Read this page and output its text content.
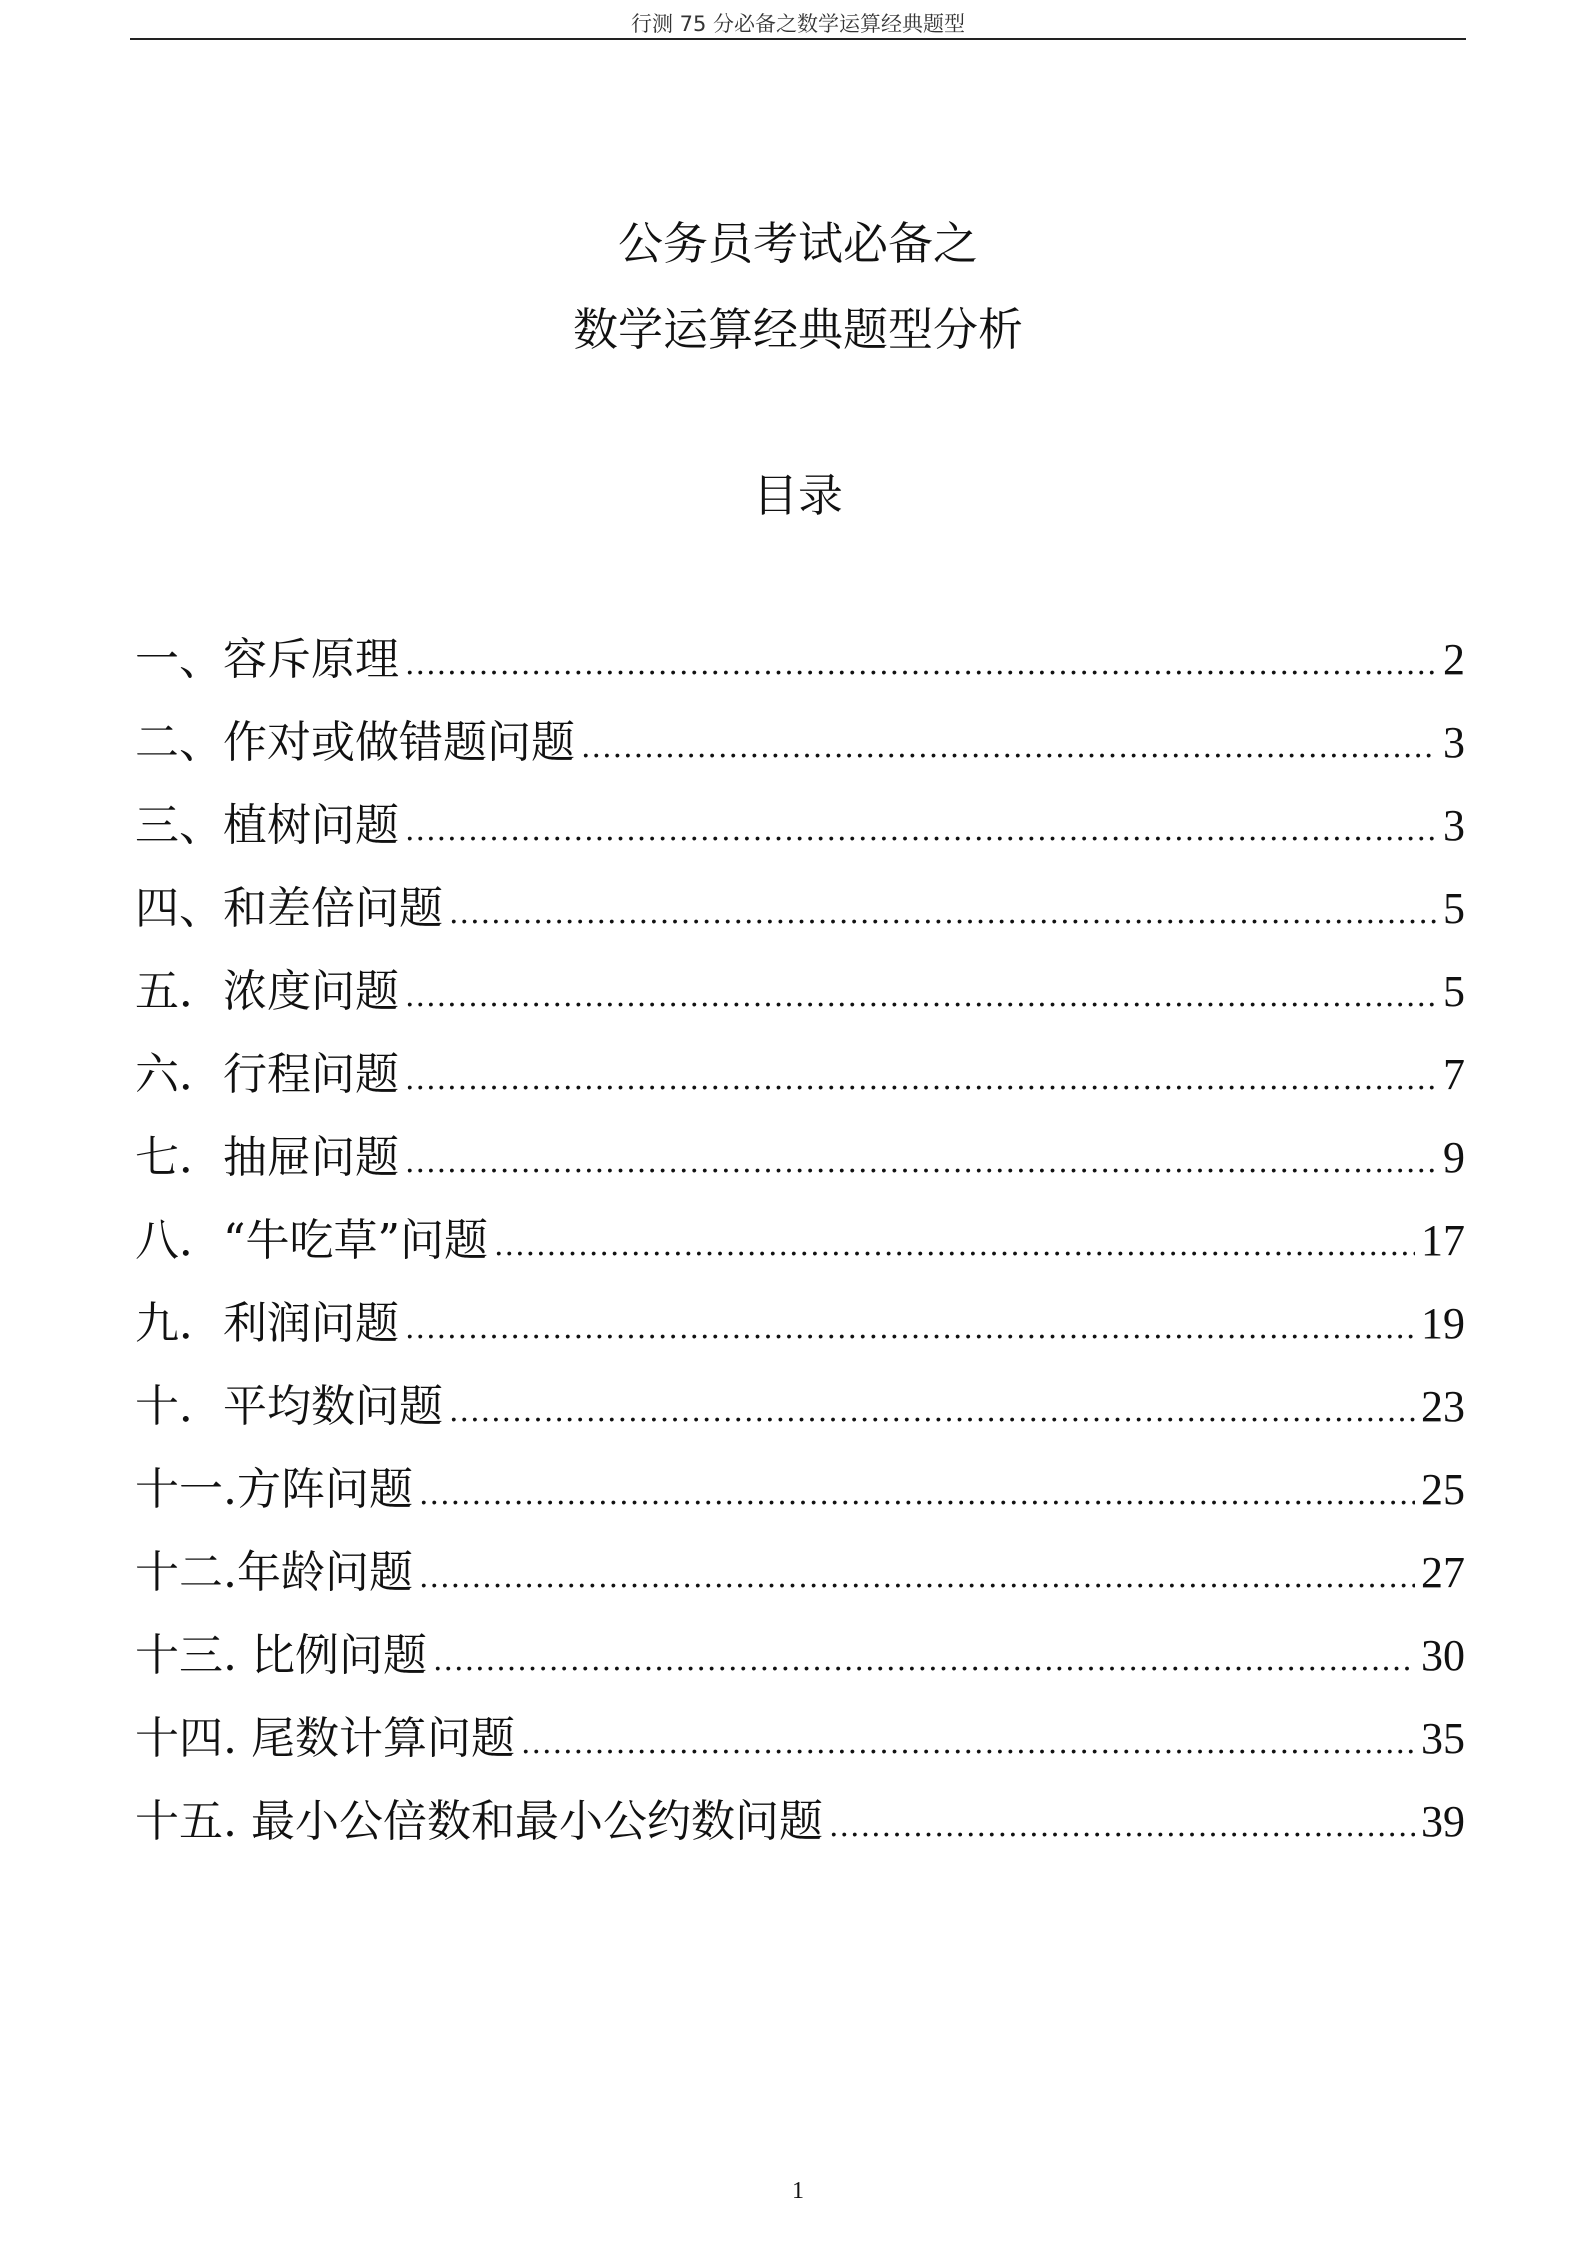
行测 75 分必备之数学运算经典题型
公务员考试必备之
数学运算经典题型分析
目录
一、容斥原理 .....	2
二、作对或做错题问题 .....	3
三、植树问题 .....	3
四、和差倍问题 .....	5
五．浓度问题 .....	5
六．行程问题 .....	7
七．抽屉问题 .....	9
八．“牛吃草”问题 .....	17
九．利润问题 .....	19
十．平均数问题 .....	23
十一.方阵问题 .....	25
十二.年龄问题 .....	27
十三. 比例问题 .....	30
十四. 尾数计算问题 .....	35
十五. 最小公倍数和最小公约数问题 .....	39
1
